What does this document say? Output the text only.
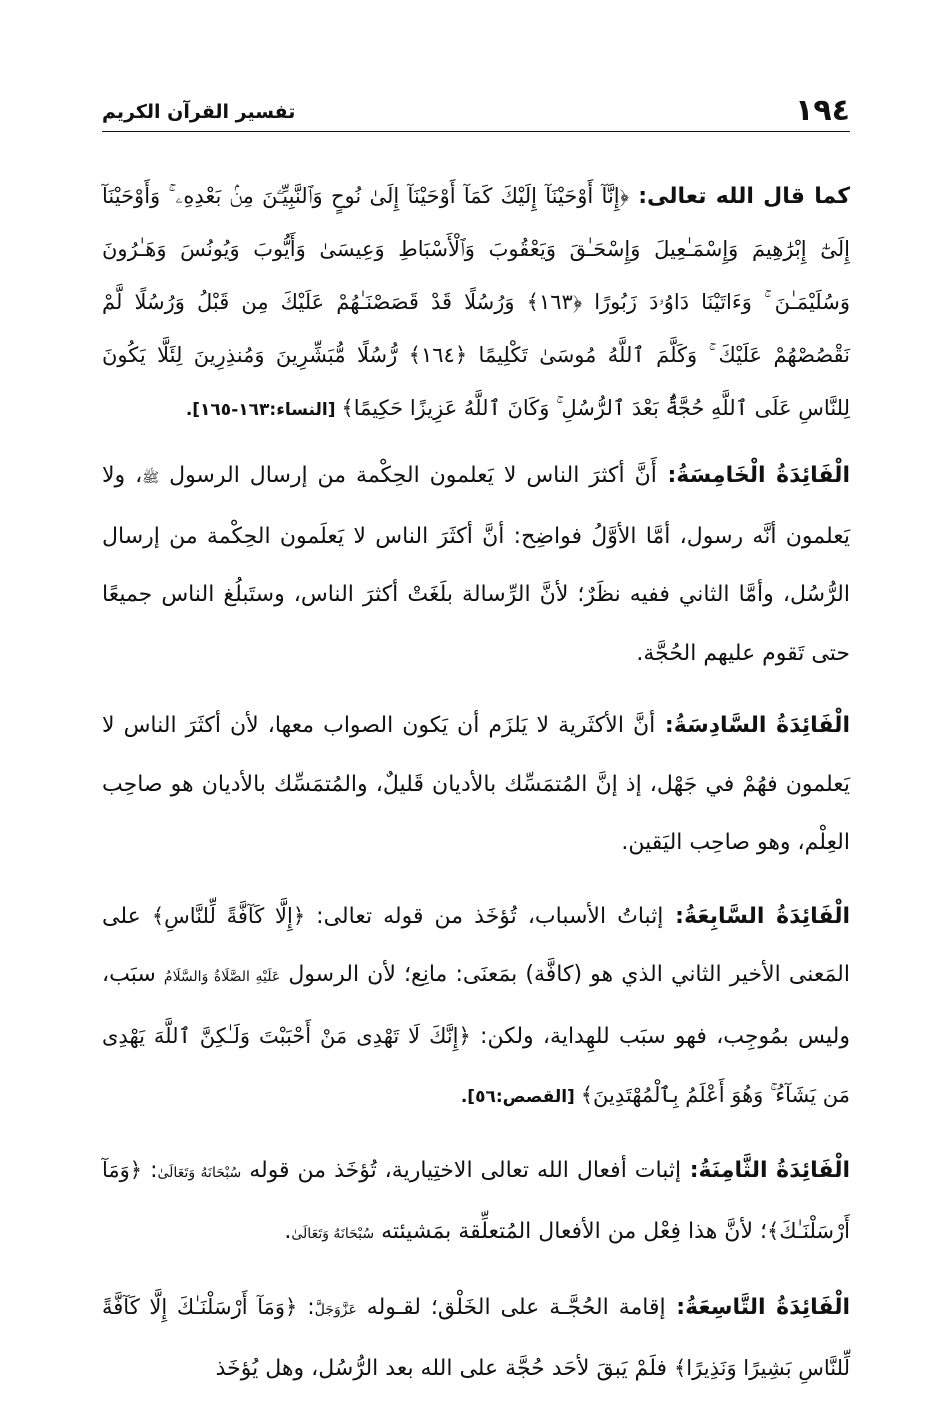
١٩٤
تفسير القرآن الكريم

كما قال الله تعالى: ﴿إِنَّآ أَوْحَيْنَآ إِلَيْكَ كَمَآ أَوْحَيْنَآ إِلَىٰ نُوحٍ وَٱلنَّبِيِّـۧنَ مِنۢ بَعْدِهِۦ ۚ وَأَوْحَيْنَآ إِلَىٰٓ إِبْرَٰهِيمَ وَإِسْمَـٰعِيلَ وَإِسْحَـٰقَ وَيَعْقُوبَ وَٱلْأَسْبَاطِ وَعِيسَىٰ وَأَيُّوبَ وَيُونُسَ وَهَـٰرُونَ وَسُلَيْمَـٰنَ ۚ وَءَاتَيْنَا دَاوُۥدَ زَبُورًا ﴿١٦٣﴾ وَرُسُلًا قَدْ قَصَصْنَـٰهُمْ عَلَيْكَ مِن قَبْلُ وَرُسُلًا لَّمْ نَقْصُصْهُمْ عَلَيْكَ ۚ وَكَلَّمَ ٱللَّهُ مُوسَىٰ تَكْلِيمًا ﴿١٦٤﴾ رُّسُلًا مُّبَشِّرِينَ وَمُنذِرِينَ لِئَلَّا يَكُونَ لِلنَّاسِ عَلَى ٱللَّهِ حُجَّةٌۢ بَعْدَ ٱلرُّسُلِ ۚ وَكَانَ ٱللَّهُ عَزِيزًا حَكِيمًا﴾ [النساء:١٦٣-١٦٥].

الْفَائِدَةُ الْخَامِسَةُ: أَنَّ أكثرَ الناس لا يَعلمون الحِكْمة من إرسال الرسول ﷺ، ولا يَعلمون أنَّه رسول، أمَّا الأوَّلُ فواضِح: أنَّ أكثَرَ الناس لا يَعلَمون الحِكْمة من إرسال الرُّسُل، وأمَّا الثاني ففيه نظَرٌ؛ لأنَّ الرِّسالة بلَغَتْ أكثرَ الناس، وستَبلُغ الناس جميعًا حتى تَقوم عليهم الحُجَّة.

الْفَائِدَةُ السَّادِسَةُ: أنَّ الأكثَرية لا يَلزَم أن يَكون الصواب معها، لأن أكثَرَ الناس لا يَعلمون فهُمْ في جَهْل، إذ إنَّ المُتمَسِّك بالأديان قَليلٌ، والمُتمَسِّك بالأديان هو صاحِب العِلْم، وهو صاحِب اليَقين.

الْفَائِدَةُ السَّابِعَةُ: إثباتُ الأسباب، تُؤخَذ من قوله تعالى: ﴿إِلَّا كَآفَّةً لِّلنَّاسِ﴾ على المَعنى الأخير الثاني الذي هو (كافَّة) بمَعنَى: مانِع؛ لأن الرسول عَلَيْهِ الصَّلَاةُ وَالسَّلَامُ سبَب، وليس بمُوجِب، فهو سبَب للهِداية، ولكن: ﴿إِنَّكَ لَا تَهْدِى مَنْ أَحْبَبْتَ وَلَـٰكِنَّ ٱللَّهَ يَهْدِى مَن يَشَآءُ ۚ وَهُوَ أَعْلَمُ بِٱلْمُهْتَدِينَ﴾ [القصص:٥٦].

الْفَائِدَةُ الثَّامِنَةُ: إثبات أفعال الله تعالى الاختِيارية، تُؤخَذ من قوله سُبْحَانَهُ وَتَعَالَىٰ: ﴿وَمَآ أَرْسَلْنَـٰكَ﴾؛ لأنَّ هذا فِعْل من الأفعال المُتعلِّقة بمَشيئته سُبْحَانَهُ وَتَعَالَىٰ.

الْفَائِدَةُ التَّاسِعَةُ: إقامة الحُجَّـة على الخَلْق؛ لقـوله عَزَّوَجَلَّ: ﴿وَمَآ أَرْسَلْنَـٰكَ إِلَّا كَآفَّةً لِّلنَّاسِ بَشِيرًا وَنَذِيرًا﴾ فلَمْ يَبقَ لأحَد حُجَّة على الله بعد الرُّسُل، وهل يُؤخَذ
